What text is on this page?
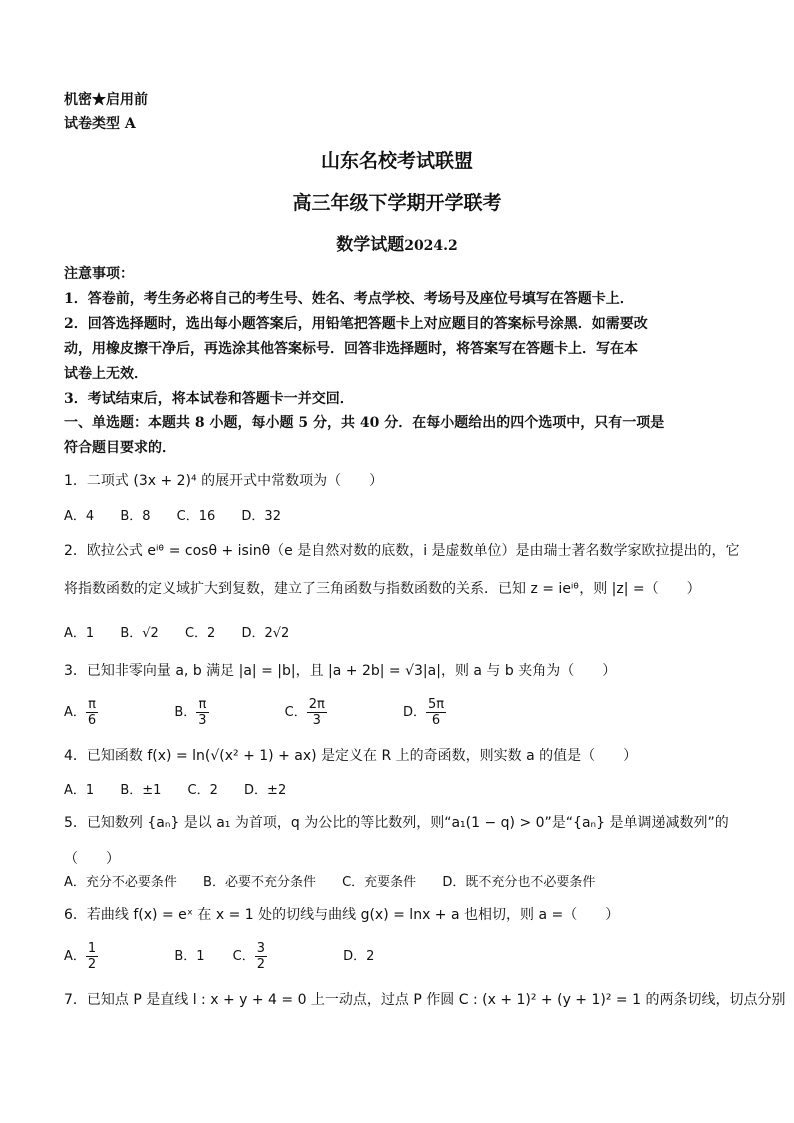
机密★启用前
试卷类型 A
山东名校考试联盟
高三年级下学期开学联考
数学试题2024.2
注意事项：
1．答卷前，考生务必将自己的考生号、姓名、考点学校、考场号及座位号填写在答题卡上．
2．回答选择题时，选出每小题答案后，用铅笔把答题卡上对应题目的答案标号涂黑．如需要改
动，用橡皮擦干净后，再选涂其他答案标号．回答非选择题时，将答案写在答题卡上．写在本
试卷上无效．
3．考试结束后，将本试卷和答题卡一并交回．
一、单选题：本题共 8 小题，每小题 5 分，共 40 分．在每小题给出的四个选项中，只有一项是
符合题目要求的．
1．二项式 (3x + 2)⁴ 的展开式中常数项为（　　）
A．4 B．8 C．16 D．32
2．欧拉公式 eⁱᶿ = cosθ + isinθ（e 是自然对数的底数，i 是虚数单位）是由瑞士著名数学家欧拉提出的，它
将指数函数的定义域扩大到复数，建立了三角函数与指数函数的关系．已知 z = ieⁱᶿ，则 |z| =（　　）
A．1 B．√2 C．2 D．2√2
3．已知非零向量 a, b 满足 |a| = |b|，且 |a + 2b| = √3|a|，则 a 与 b 夹角为（　　）
A． $\frac{\pi}{6}$	B． $\frac{\pi}{3}$	C． $\frac{2\pi}{3}$	D． $\frac{5\pi}{6}$
4．已知函数 f(x) = ln(√(x² + 1) + ax) 是定义在 R 上的奇函数，则实数 a 的值是（　　）
A．1 B．±1 C．2 D．±2
5．已知数列 {aₙ} 是以 a₁ 为首项，q 为公比的等比数列，则“a₁(1 − q) > 0”是“{aₙ} 是单调递减数列”的
（　　）
A．充分不必要条件 B．必要不充分条件 C．充要条件 D．既不充分也不必要条件
6．若曲线 f(x) = eˣ 在 x = 1 处的切线与曲线 g(x) = lnx + a 也相切，则 a =（　　）
A． $\frac{1}{2}$	B．1 C． $\frac{3}{2}$	D．2
7．已知点 P 是直线 l : x + y + 4 = 0 上一动点，过点 P 作圆 C : (x + 1)² + (y + 1)² = 1 的两条切线，切点分别
